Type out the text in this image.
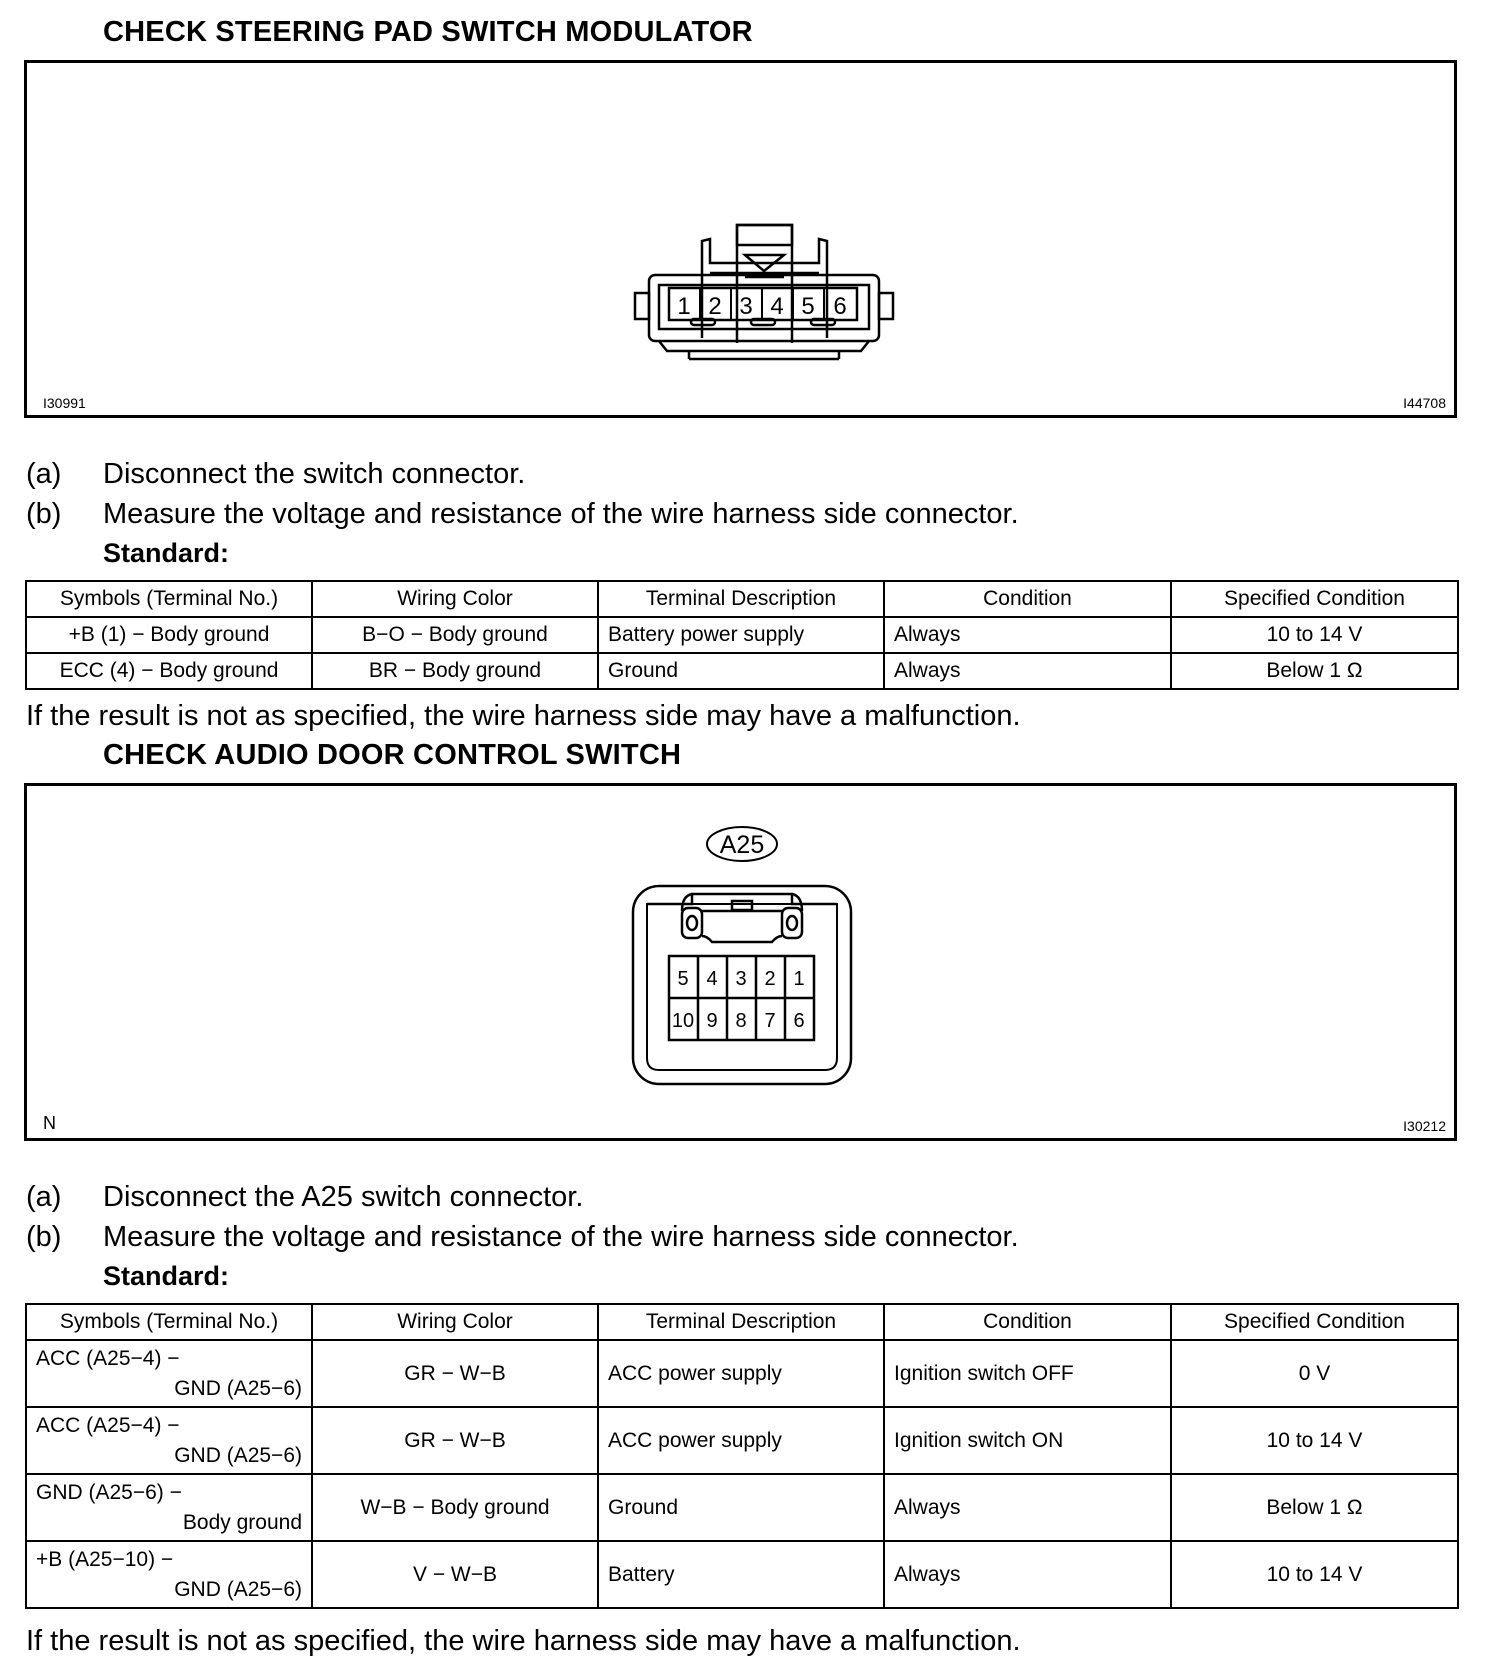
CHECK STEERING PAD SWITCH MODULATOR
1 2 3 4 5 6
I30991	I44708
(a) Disconnect the switch connector.
(b) Measure the voltage and resistance of the wire harness side connector.
Standard:
Symbols (Terminal No.)	Wiring Color	Terminal Description	Condition	Specified Condition
+B (1) − Body ground	B−O − Body ground	Battery power supply	Always	10 to 14 V
ECC (4) − Body ground	BR − Body ground	Ground	Always	Below 1 Ω
If the result is not as specified, the wire harness side may have a malfunction.
CHECK AUDIO DOOR CONTROL SWITCH
A25
5 4 3 2 1
10 9 8 7 6
N	I30212
(a) Disconnect the A25 switch connector.
(b) Measure the voltage and resistance of the wire harness side connector.
Standard:
Symbols (Terminal No.)	Wiring Color	Terminal Description	Condition	Specified Condition

ACC (A25−4) −
GND (A25−6)	GR − W−B	ACC power supply	Ignition switch OFF	0 V

ACC (A25−4) −
GND (A25−6)	GR − W−B	ACC power supply	Ignition switch ON	10 to 14 V

GND (A25−6) −
Body ground	W−B − Body ground	Ground	Always	Below 1 Ω

+B (A25−10) −
GND (A25−6)	V − W−B	Battery	Always	10 to 14 V
If the result is not as specified, the wire harness side may have a malfunction.
